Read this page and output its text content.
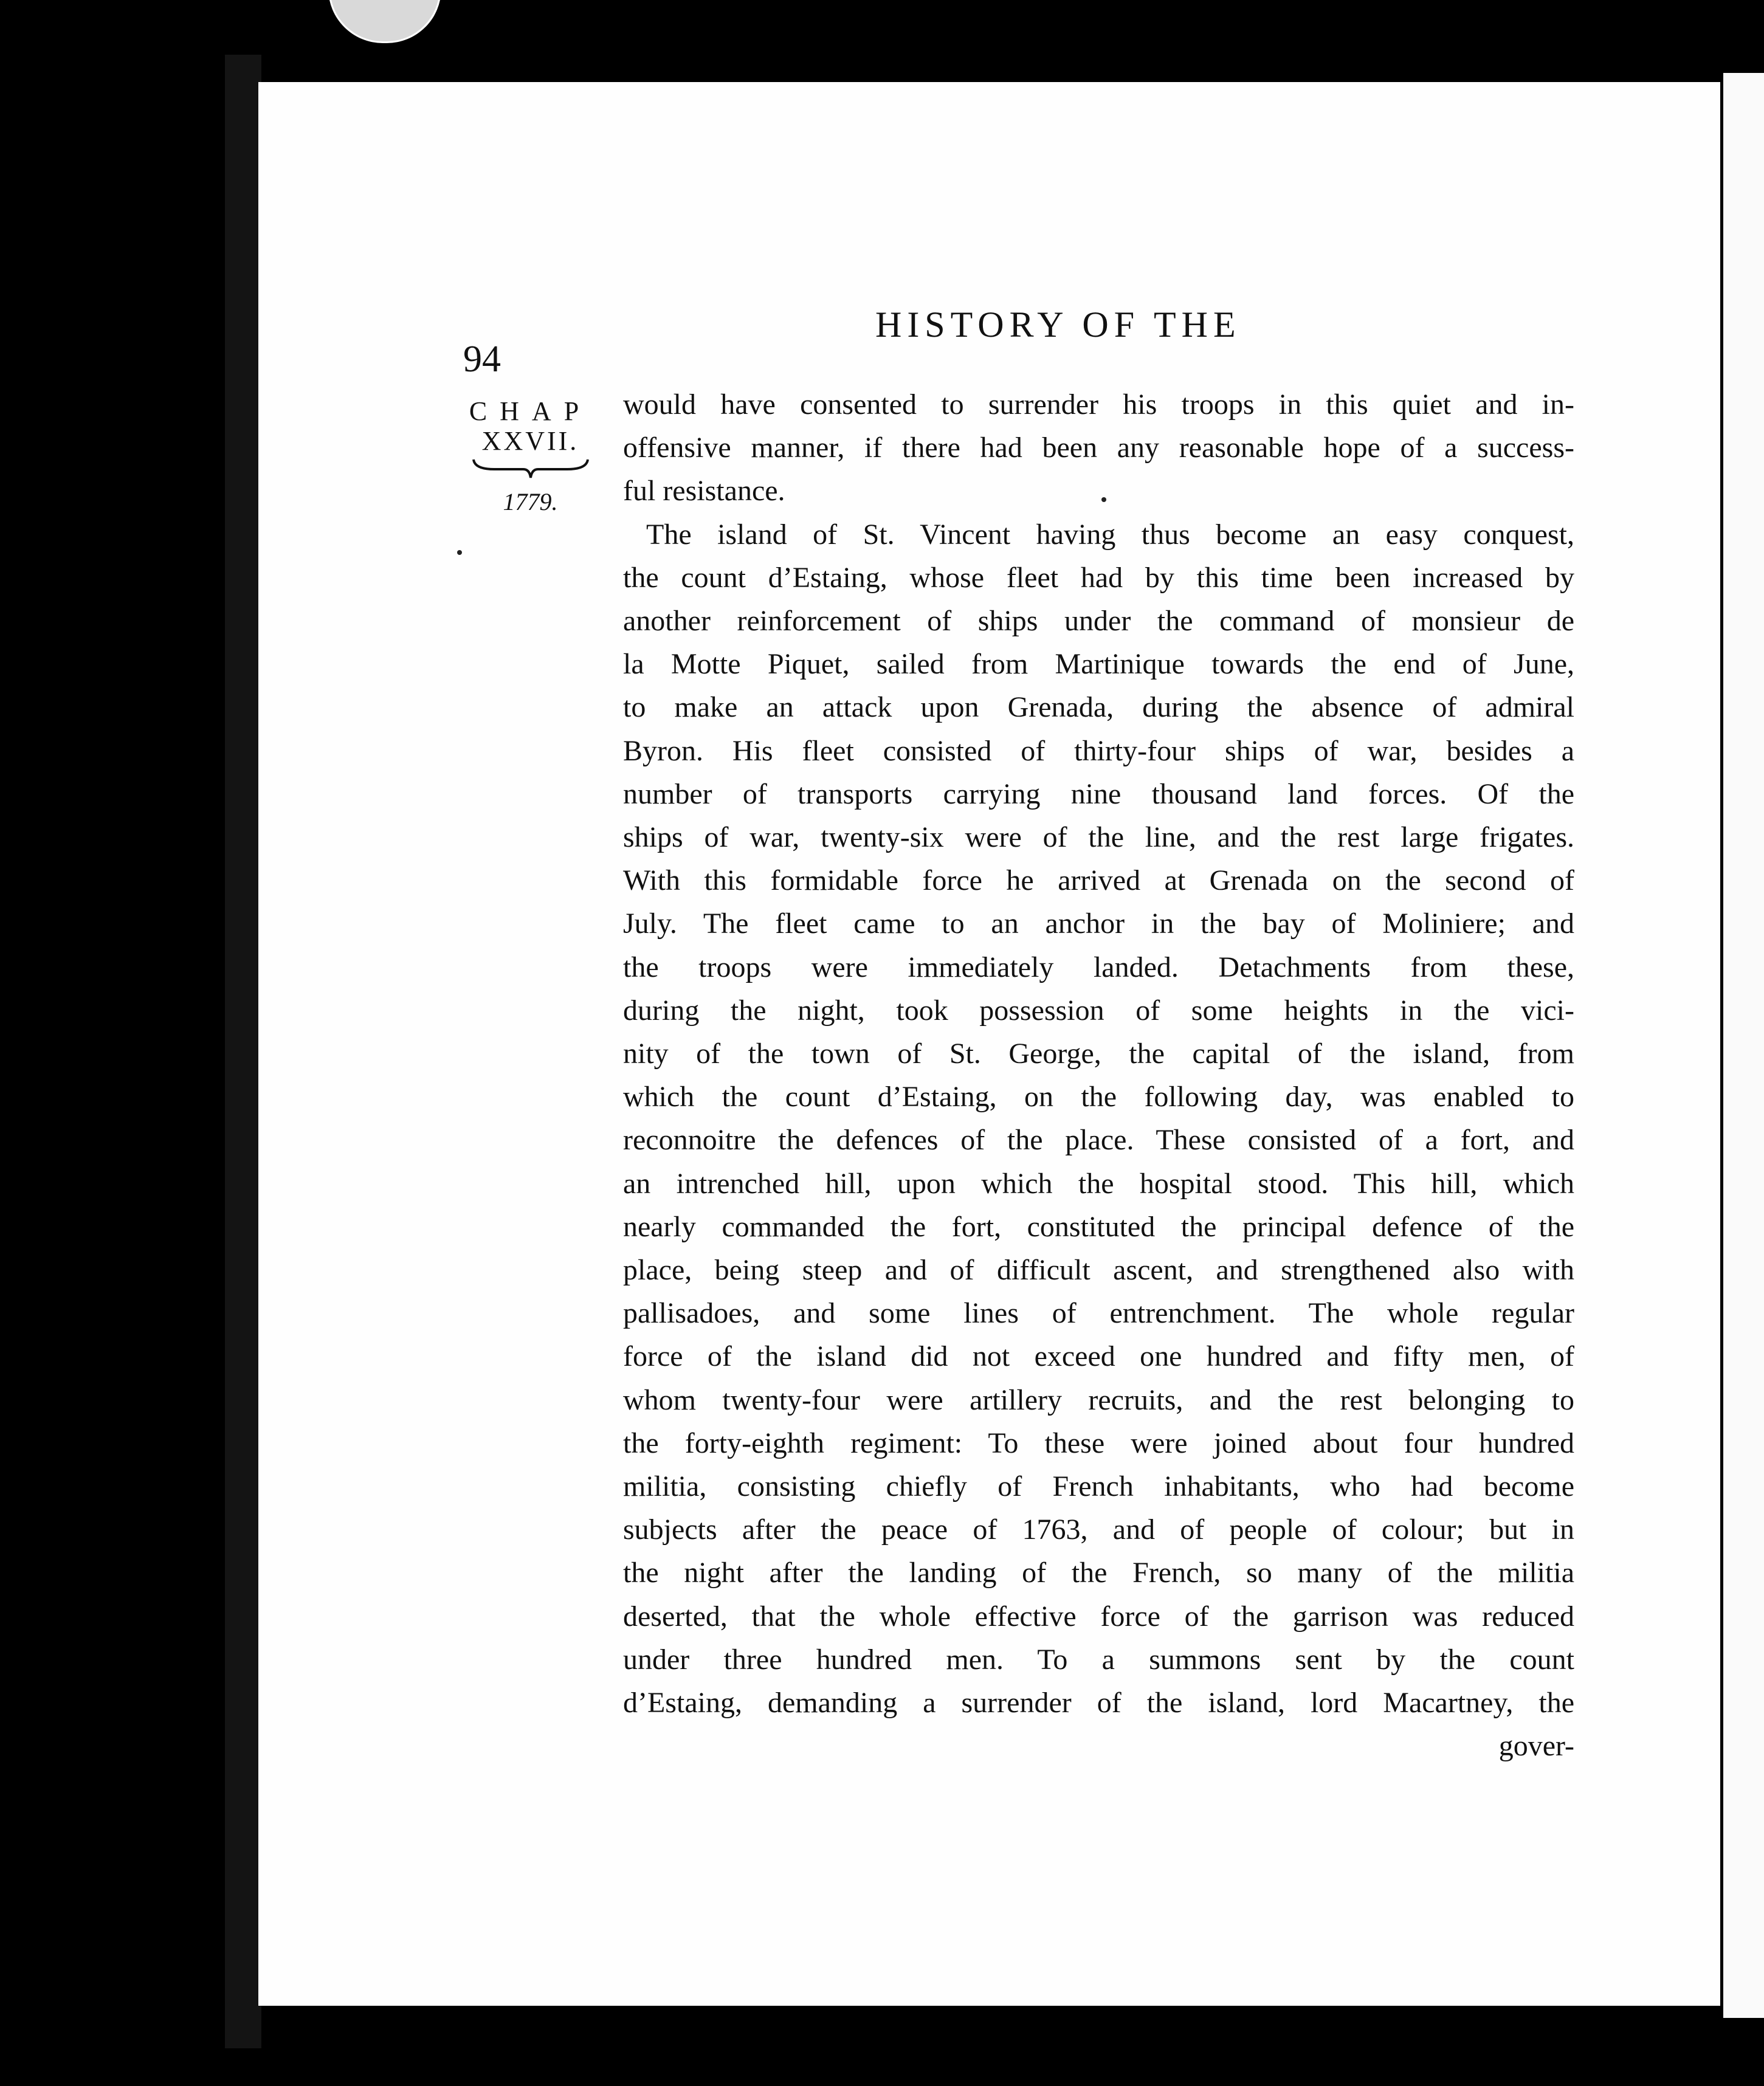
94
HISTORY OF THE
CHAP
XXVII.
1779.

would have consented to surrender his troops in this quiet and in-
offensive manner, if there had been any reasonable hope of a success-
ful resistance.

The island of St. Vincent having thus become an easy conquest,
the count d’Estaing, whose fleet had by this time been increased by
another reinforcement of ships under the command of monsieur de
la Motte Piquet, sailed from Martinique towards the end of June,
to make an attack upon Grenada, during the absence of admiral
Byron. His fleet consisted of thirty-four ships of war, besides a
number of transports carrying nine thousand land forces. Of the
ships of war, twenty-six were of the line, and the rest large frigates.
With this formidable force he arrived at Grenada on the second of
July. The fleet came to an anchor in the bay of Moliniere; and
the troops were immediately landed. Detachments from these,
during the night, took possession of some heights in the vici-
nity of the town of St. George, the capital of the island, from
which the count d’Estaing, on the following day, was enabled to
reconnoitre the defences of the place. These consisted of a fort, and
an intrenched hill, upon which the hospital stood. This hill, which
nearly commanded the fort, constituted the principal defence of the
place, being steep and of difficult ascent, and strengthened also with
pallisadoes, and some lines of entrenchment. The whole regular
force of the island did not exceed one hundred and fifty men, of
whom twenty-four were artillery recruits, and the rest belonging to
the forty-eighth regiment: To these were joined about four hundred
militia, consisting chiefly of French inhabitants, who had become
subjects after the peace of 1763, and of people of colour; but in
the night after the landing of the French, so many of the militia
deserted, that the whole effective force of the garrison was reduced
under three hundred men. To a summons sent by the count
d’Estaing, demanding a surrender of the island, lord Macartney, the

gover-
